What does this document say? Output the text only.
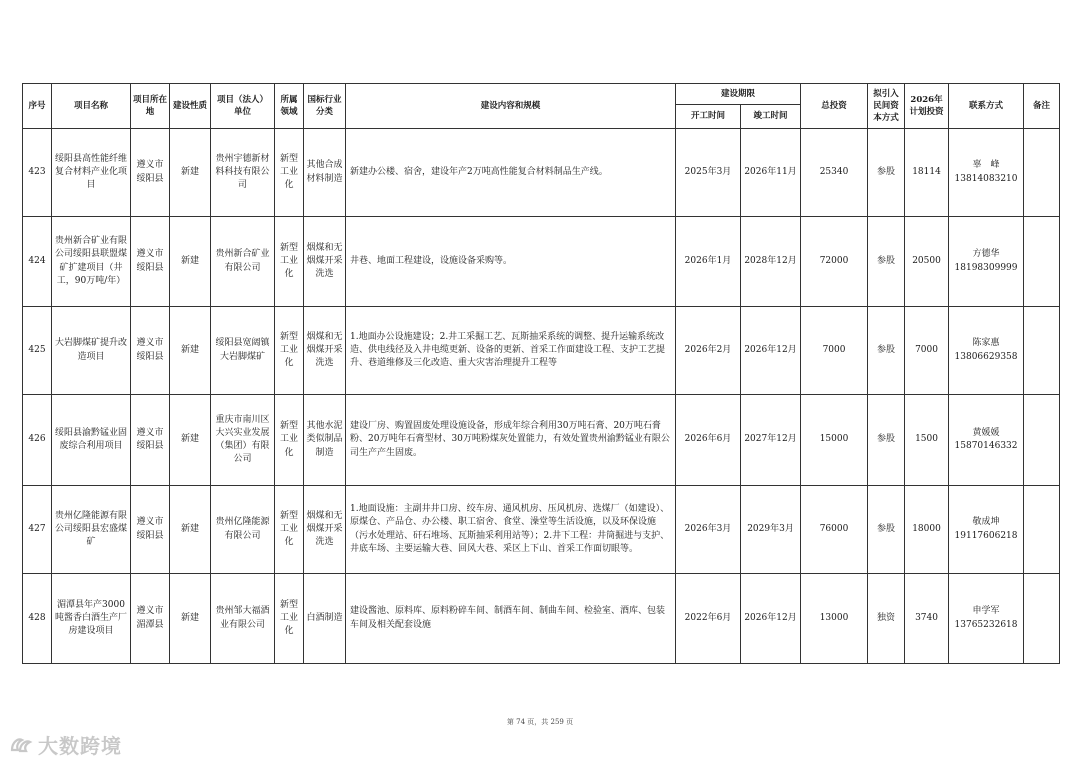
序号	项目名称	项目所在地	建设性质	项目（法人）单位	所属领域	国标行业分类	建设内容和规模	建设期限		总投资	拟引入民间资本方式	2026年计划投资	联系方式	备注
								开工时间	竣工时间					
423	绥阳县高性能纤维复合材料产业化项目	遵义市绥阳县	新建	贵州宇德新材料科技有限公司	新型工业化	其他合成材料制造	新建办公楼、宿舍，建设年产2万吨高性能复合材料制品生产线。	2025年3月	2026年11月	25340	参股	18114	辜　峰
13814083210	
424	贵州新合矿业有限公司绥阳县联盟煤矿扩建项目（井工，90万吨/年）	遵义市绥阳县	新建	贵州新合矿业有限公司	新型工业化	烟煤和无烟煤开采洗选	井巷、地面工程建设，设施设备采购等。	2026年1月	2028年12月	72000	参股	20500	方德华
18198309999	
425	大岩脚煤矿提升改造项目	遵义市绥阳县	新建	绥阳县宽阔镇大岩脚煤矿	新型工业化	烟煤和无烟煤开采洗选	1.地面办公设施建设；2.井工采掘工艺、瓦斯抽采系统的调整、提升运输系统改造、供电线径及入井电缆更新、设备的更新、首采工作面建设工程、支护工艺提升、巷道维修及三化改造、重大灾害治理提升工程等	2026年2月	2026年12月	7000	参股	7000	陈家惠
13806629358	
426	绥阳县渝黔锰业固废综合利用项目	遵义市绥阳县	新建	重庆市南川区大兴实业发展（集团）有限公司	新型工业化	其他水泥类似制品制造	建设厂房、购置固废处理设施设备，形成年综合利用30万吨石膏、20万吨石膏粉、20万吨年石膏型材、30万吨粉煤灰处置能力，有效处置贵州渝黔锰业有限公司生产产生固废。	2026年6月	2027年12月	15000	参股	1500	黄媛媛
15870146332	
427	贵州亿隆能源有限公司绥阳县宏盛煤矿	遵义市绥阳县	新建	贵州亿隆能源有限公司	新型工业化	烟煤和无烟煤开采洗选	1.地面设施：主副井井口房、绞车房、通风机房、压风机房、选煤厂（如建设）、原煤仓、产品仓、办公楼、职工宿舍、食堂、澡堂等生活设施，以及环保设施（污水处理站、矸石堆场、瓦斯抽采利用站等）；2.井下工程：井筒掘进与支护、井底车场、主要运输大巷、回风大巷、采区上下山、首采工作面切眼等。	2026年3月	2029年3月	76000	参股	18000	敬成坤
19117606218	
428	湄潭县年产3000吨酱香白酒生产厂房建设项目	遵义市湄潭县	新建	贵州邹大福酒业有限公司	新型工业化	白酒制造	建设酱池、原料库、原料粉碎车间、制酒车间、制曲车间、检验室、酒库、包装车间及相关配套设施	2022年6月	2026年12月	13000	独资	3740	申学军
13765232618	
第 74 页，共 259 页
大数跨境
